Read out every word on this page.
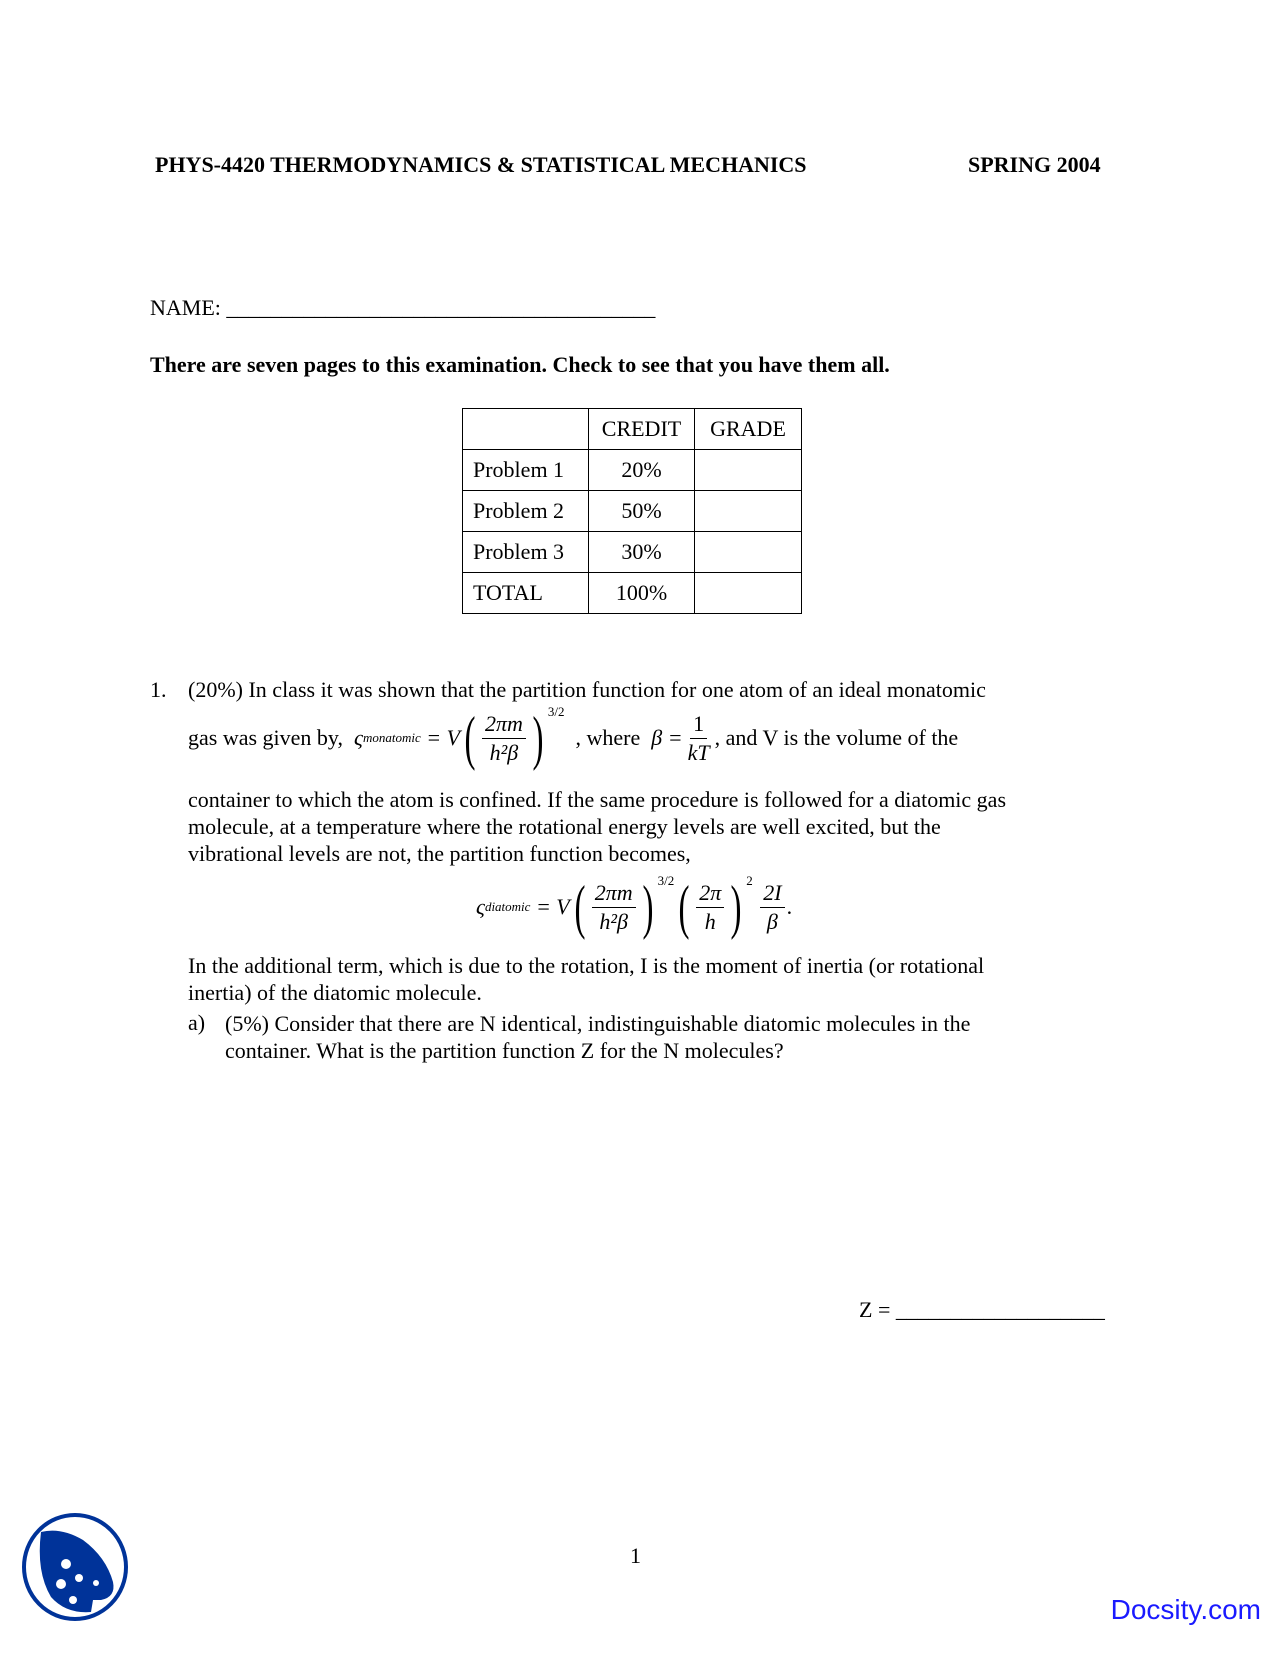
PHYS-4420 THERMODYNAMICS & STATISTICAL MECHANICS	SPRING 2004
NAME: _______________________________________
There are seven pages to this examination. Check to see that you have them all.
	CREDIT	GRADE
Problem 1	20%	
Problem 2	50%	
Problem 3	30%	
TOTAL	100%	
1. (20%) In class it was shown that the partition function for one atom of an ideal monatomic
gas was given by,
ς monatomic
= V ( $\frac{2\pi m}{\text{h²β}}$ ) 3/2

, where
$\beta = \frac{1}{kT}$ , and V is the volume of the
container to which the atom is confined. If the same procedure is followed for a diatomic gas
molecule, at a temperature where the rotational energy levels are well excited, but the
vibrational levels are not, the partition function becomes,
ς diatomic
= V ( $\frac{2\pi m}{\text{h²β}}$ ) 3/2 ( $\frac{2\pi}{h}$ ) 2
$\frac{2I}{\beta}$ .
In the additional term, which is due to the rotation, I is the moment of inertia (or rotational
inertia) of the diatomic molecule.
a) (5%) Consider that there are N identical, indistinguishable diatomic molecules in the
container. What is the partition function Z for the N molecules?
Z = ___________________
1
Docsity.com
